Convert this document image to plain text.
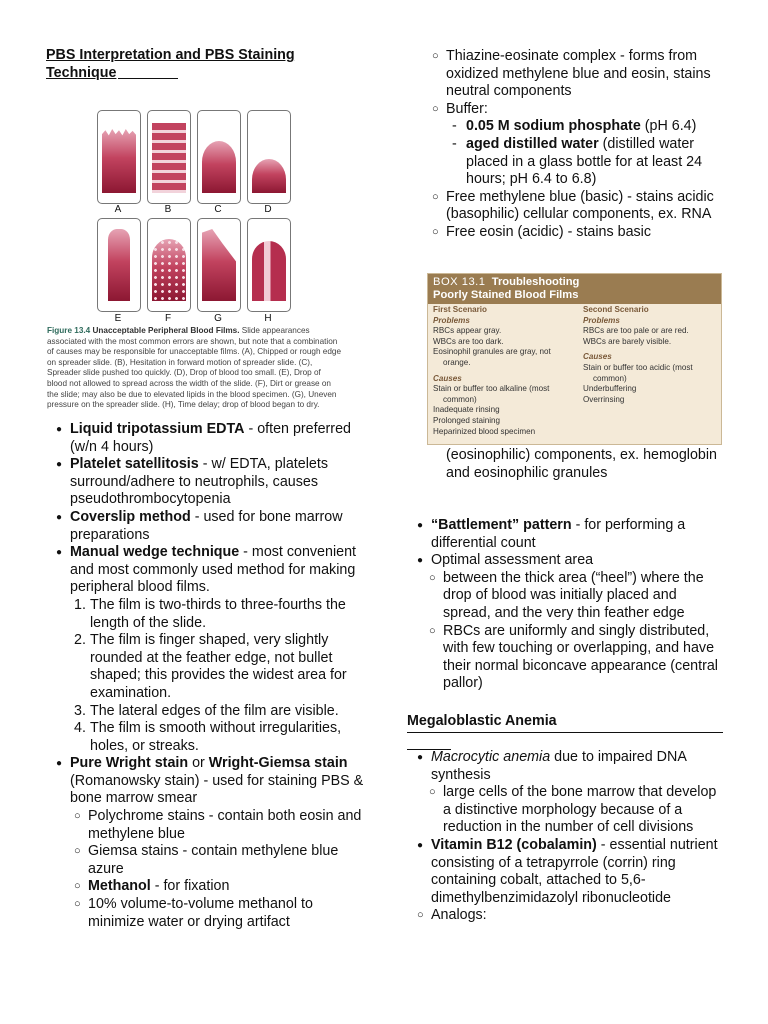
PBS Interpretation and PBS Staining
Technique
A	B	C	D
E	F	G	H
Figure 13.4 Unacceptable Peripheral Blood Films. Slide appearances associated with the most common errors are shown, but note that a combination of causes may be responsible for unacceptable films. (A), Chipped or rough edge on spreader slide. (B), Hesitation in forward motion of spreader slide. (C), Spreader slide pushed too quickly. (D), Drop of blood too small. (E), Drop of blood not allowed to spread across the width of the slide. (F), Dirt or grease on the slide; may also be due to elevated lipids in the blood specimen. (G), Uneven pressure on the spreader slide. (H), Time delay; drop of blood began to dry.
● Liquid tripotassium EDTA - often preferred (w/n 4 hours)
● Platelet satellitosis - w/ EDTA, platelets surround/adhere to neutrophils, causes pseudothrombocytopenia
● Coverslip method - used for bone marrow preparations
● Manual wedge technique - most convenient and most commonly used method for making peripheral blood films.
1. The film is two-thirds to three-fourths the length of the slide.
2. The film is finger shaped, very slightly rounded at the feather edge, not bullet shaped; this provides the widest area for examination.
3. The lateral edges of the film are visible.
4. The film is smooth without irregularities, holes, or streaks.
● Pure Wright stain or Wright-Giemsa stain (Romanowsky stain) - used for staining PBS & bone marrow smear
○ Polychrome stains - contain both eosin and methylene blue
○ Giemsa stains - contain methylene blue azure
○ Methanol - for fixation
○ 10% volume-to-volume methanol to minimize water or drying artifact
○ Thiazine-eosinate complex - forms from oxidized methylene blue and eosin, stains neutral components
○ Buffer:
- 0.05 M sodium phosphate (pH 6.4)
- aged distilled water (distilled water placed in a glass bottle for at least 24 hours; pH 6.4 to 6.8)
○ Free methylene blue (basic) - stains acidic (basophilic) cellular components, ex. RNA
○ Free eosin (acidic) - stains basic
BOX 13.1 Troubleshooting
Poorly Stained Blood Films
First Scenario
Problems
RBCs appear gray.
WBCs are too dark.
Eosinophil granules are gray, not
orange.
Causes
Stain or buffer too alkaline (most
common)
Inadequate rinsing
Prolonged staining
Heparinized blood specimen
Second Scenario
Problems
RBCs are too pale or are red.
WBCs are barely visible.
Causes
Stain or buffer too acidic (most
common)
Underbuffering
Overrinsing
(eosinophilic) components, ex. hemoglobin and eosinophilic granules
● “Battlement” pattern - for performing a differential count
● Optimal assessment area
○ between the thick area (“heel”) where the drop of blood was initially placed and spread, and the very thin feather edge
○ RBCs are uniformly and singly distributed, with few touching or overlapping, and have their normal biconcave appearance (central pallor)
Megaloblastic Anemia
● Macrocytic anemia due to impaired DNA synthesis
○ large cells of the bone marrow that develop a distinctive morphology because of a reduction in the number of cell divisions
● Vitamin B12 (cobalamin) - essential nutrient consisting of a tetrapyrrole (corrin) ring containing cobalt, attached to 5,6-dimethylbenzimidazolyl ribonucleotide
○ Analogs:
